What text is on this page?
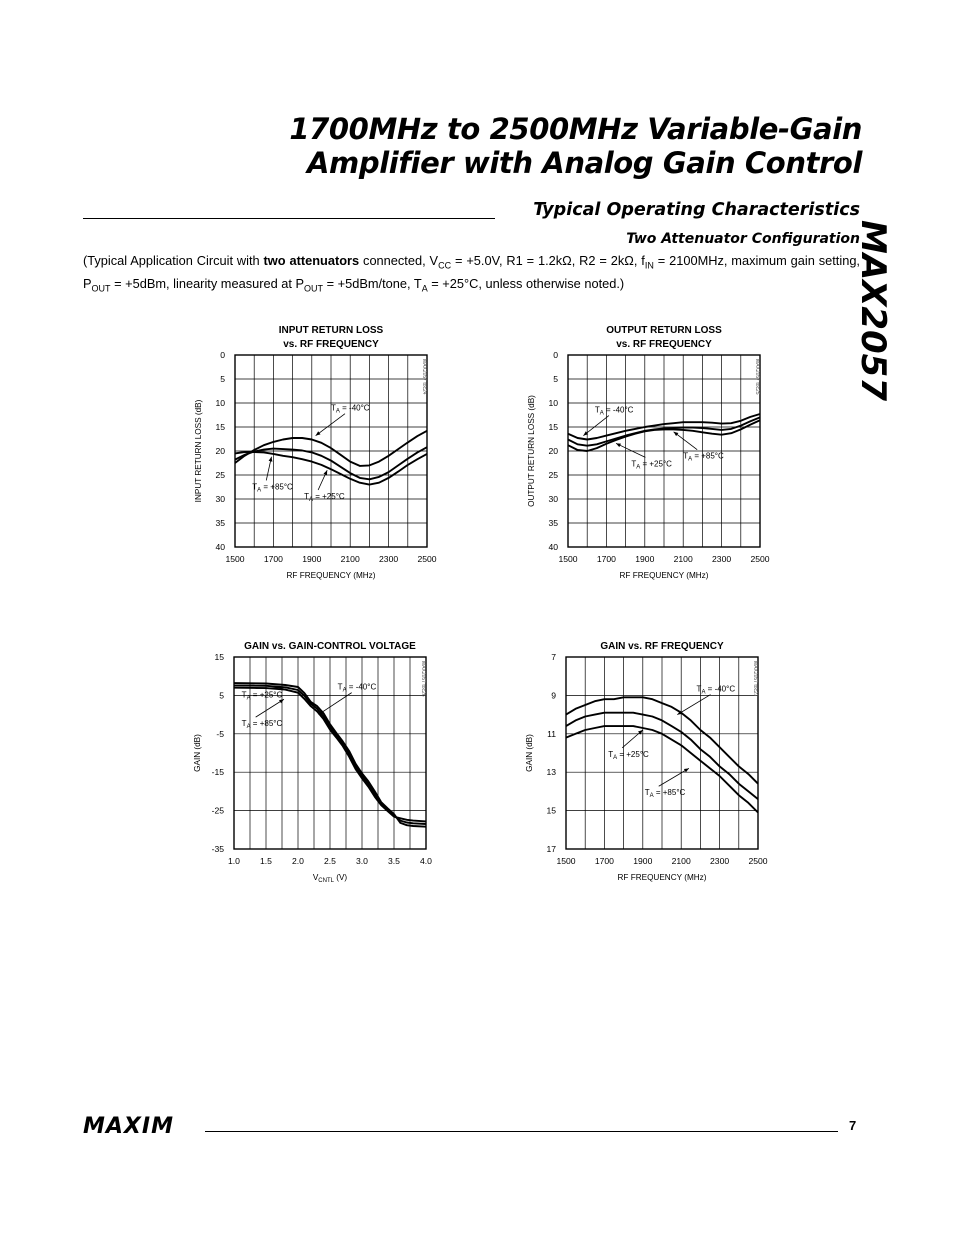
1700MHz to 2500MHz Variable-Gain
Amplifier with Analog Gain Control
MAX2057
Typical Operating Characteristics
Two Attenuator Configuration
(Typical Application Circuit with two attenuators connected, $V_{CC} = +5.0V$, R1 = 1.2kΩ, R2 = 2kΩ, $f_{IN} = 2100MHz$, maximum gain setting, $P_{OUT} = +5dBm$, linearity measured at $P_{OUT}$ = +5dBm/tone, $T_A = +25^\circ C$, unless otherwise noted.)
INPUT RETURN LOSS
vs. RF FREQUENCY
1500 1700 1900 2100 2300 2500
0
5
10
15
20
25
30
35
40
RF FREQUENCY (MHz)
INPUT RETURN LOSS (dB)
MAX2057 toc24
$T_A = -40^\circ C$
$T_A = +85^\circ C$
$T_A = +25^\circ C$
OUTPUT RETURN LOSS
vs. RF FREQUENCY
1500 1700 1900 2100 2300 2500
0
5
10
15
20
25
30
35
40
RF FREQUENCY (MHz)
OUTPUT RETURN LOSS (dB)
MAX2057 toc25
$T_A = -40^\circ C$
$T_A = +25^\circ C$
$T_A = +85^\circ C$
GAIN vs. GAIN-CONTROL VOLTAGE
1.0 1.5 2.0 2.5 3.0 3.5 4.0
15
5
-5
-15
-25
-35
$V_{CNTL}$ (V)
GAIN (dB)
MAX2057 toc26
$T_A = -40^\circ C$
$T_A = +25^\circ C$
$T_A = +85^\circ C$
GAIN vs. RF FREQUENCY
1500 1700 1900 2100 2300 2500
7
9
11
13
15
17
RF FREQUENCY (MHz)
GAIN (dB)
MAX2057 toc27
$T_A = -40^\circ C$
$T_A = +25^\circ C$
$T_A = +85^\circ C$
MAXIM	7
